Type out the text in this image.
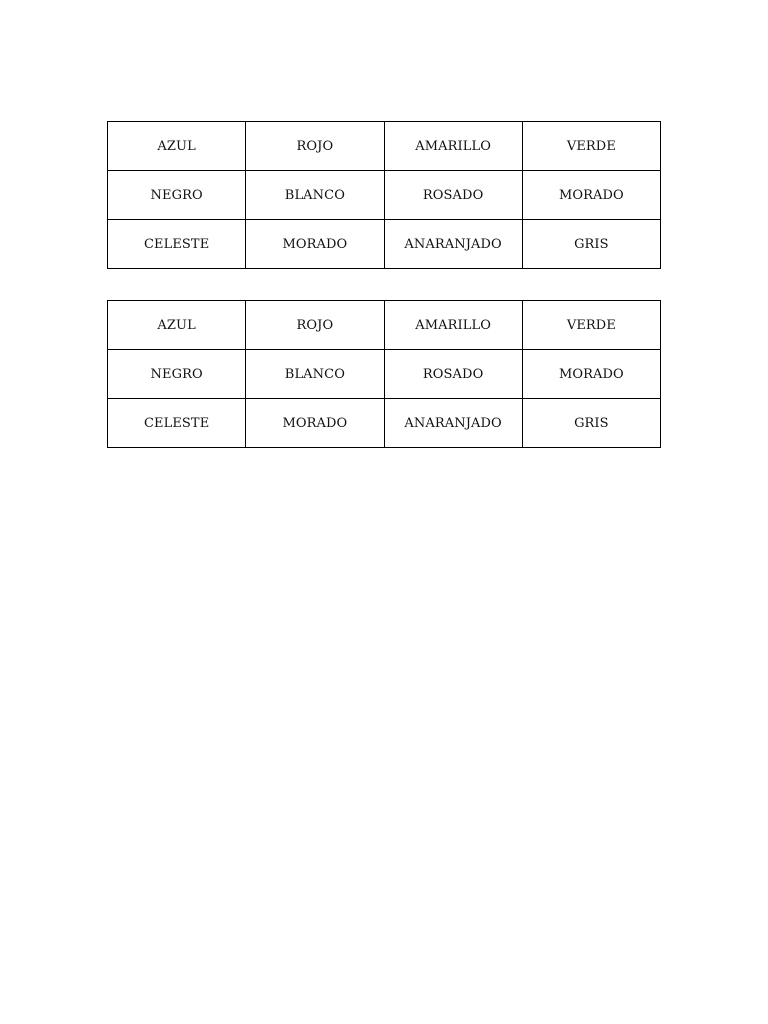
AZUL	ROJO	AMARILLO	VERDE
NEGRO	BLANCO	ROSADO	MORADO
CELESTE	MORADO	ANARANJADO	GRIS
AZUL	ROJO	AMARILLO	VERDE
NEGRO	BLANCO	ROSADO	MORADO
CELESTE	MORADO	ANARANJADO	GRIS
